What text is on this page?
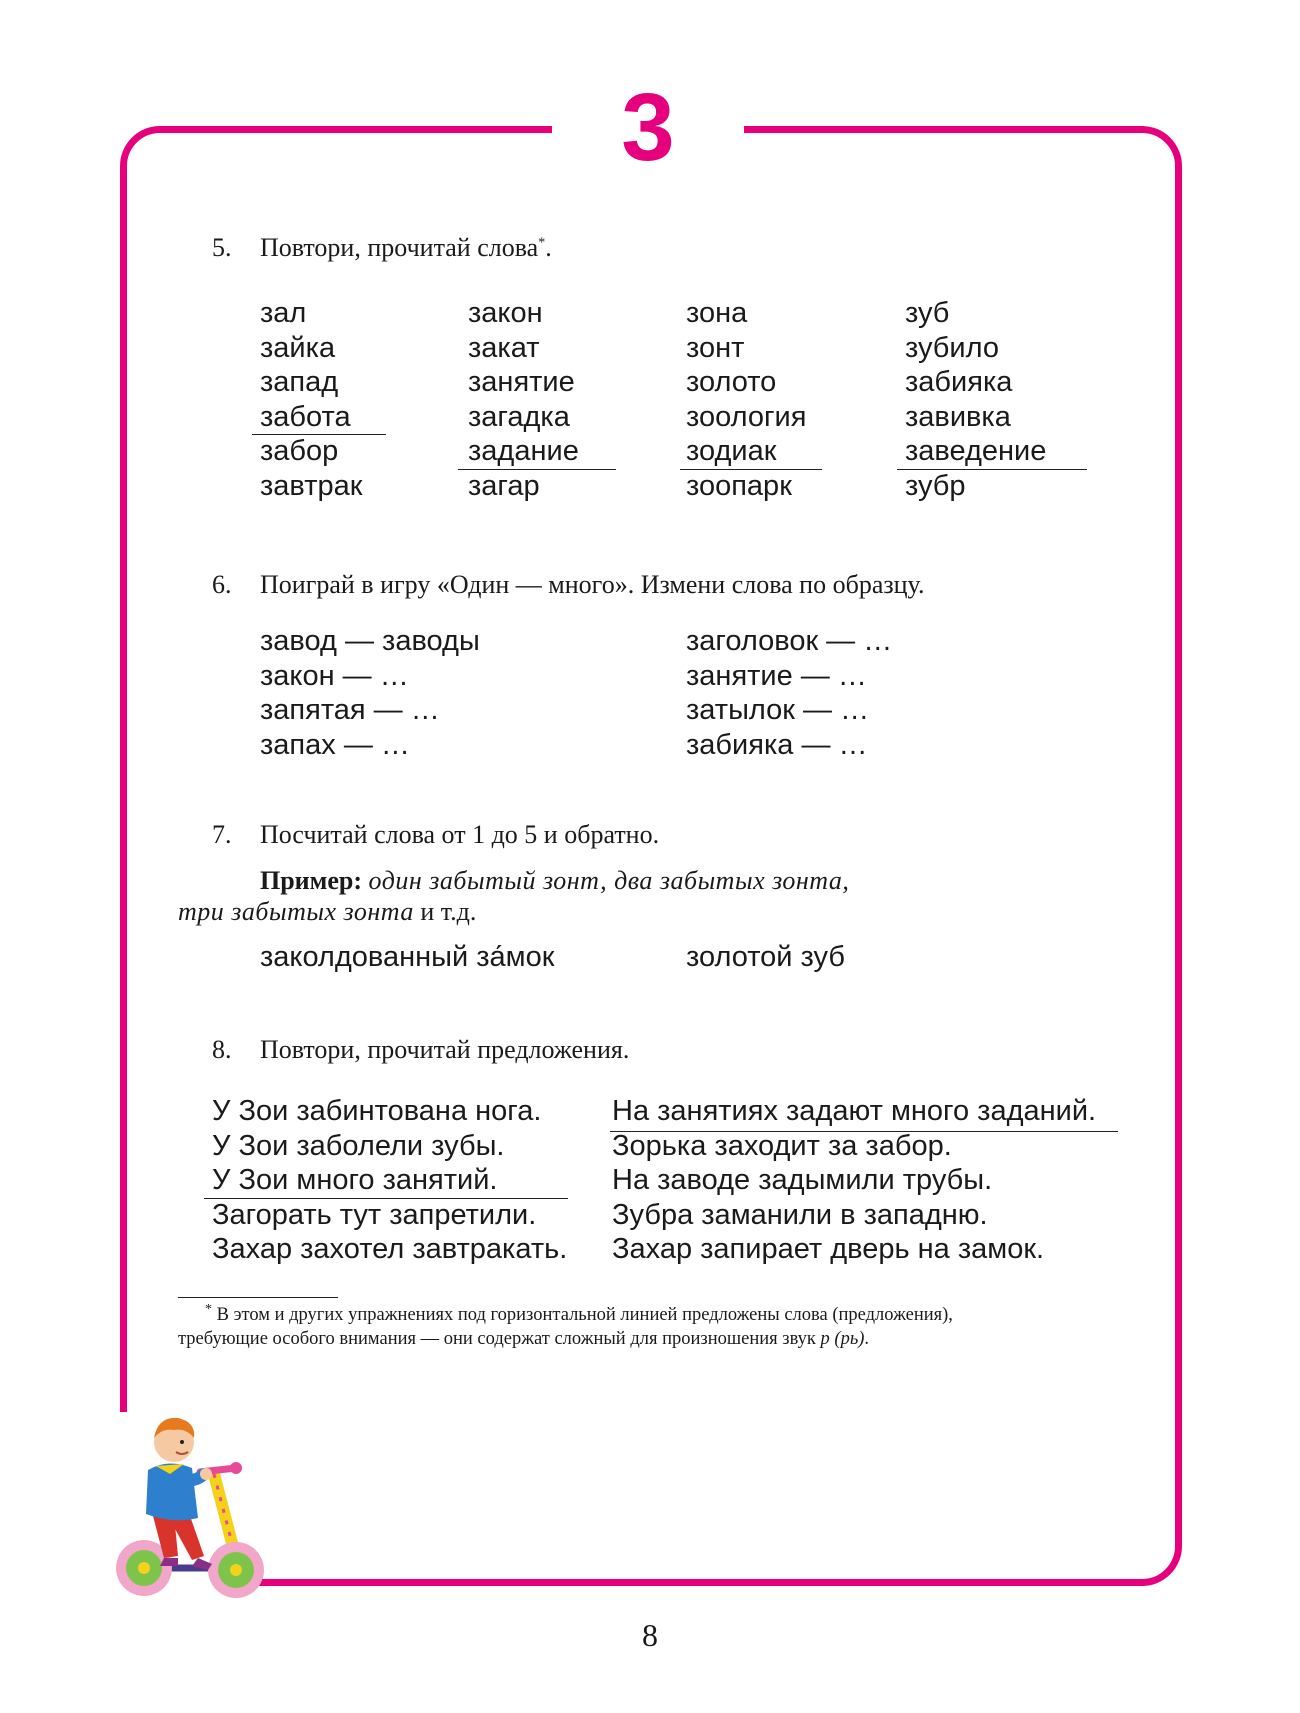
3
5. Повтори, прочитай слова*.
зал
зайка
запад
забота
забор
завтрак
закон
закат
занятие
загадка
задание
загар
зона
зонт
золото
зоология
зодиак
зоопарк
зуб
зубило
забияка
завивка
заведение
зубр
6. Поиграй в игру «Один — много». Измени слова по образцу.
завод — заводы
закон — …
запятая — …
запах — …
заголовок — …
занятие — …
затылок — …
забияка — …
7. Посчитай слова от 1 до 5 и обратно.
Пример: один забытый зонт, два забытых зонта,
три забытых зонта и т.д.
заколдованный за́мок	золотой зуб
8. Повтори, прочитай предложения.
У Зои забинтована нога.
У Зои заболели зубы.
У Зои много занятий.
Загорать тут запретили.
Захар захотел завтракать.
На занятиях задают много заданий.
Зорька заходит за забор.
На заводе задымили трубы.
Зубра заманили в западню.
Захар запирает дверь на замок.
* В этом и других упражнениях под горизонтальной линией предложены слова (предложения), требующие особого внимания — они содержат сложный для произношения звук р (рь).
8
